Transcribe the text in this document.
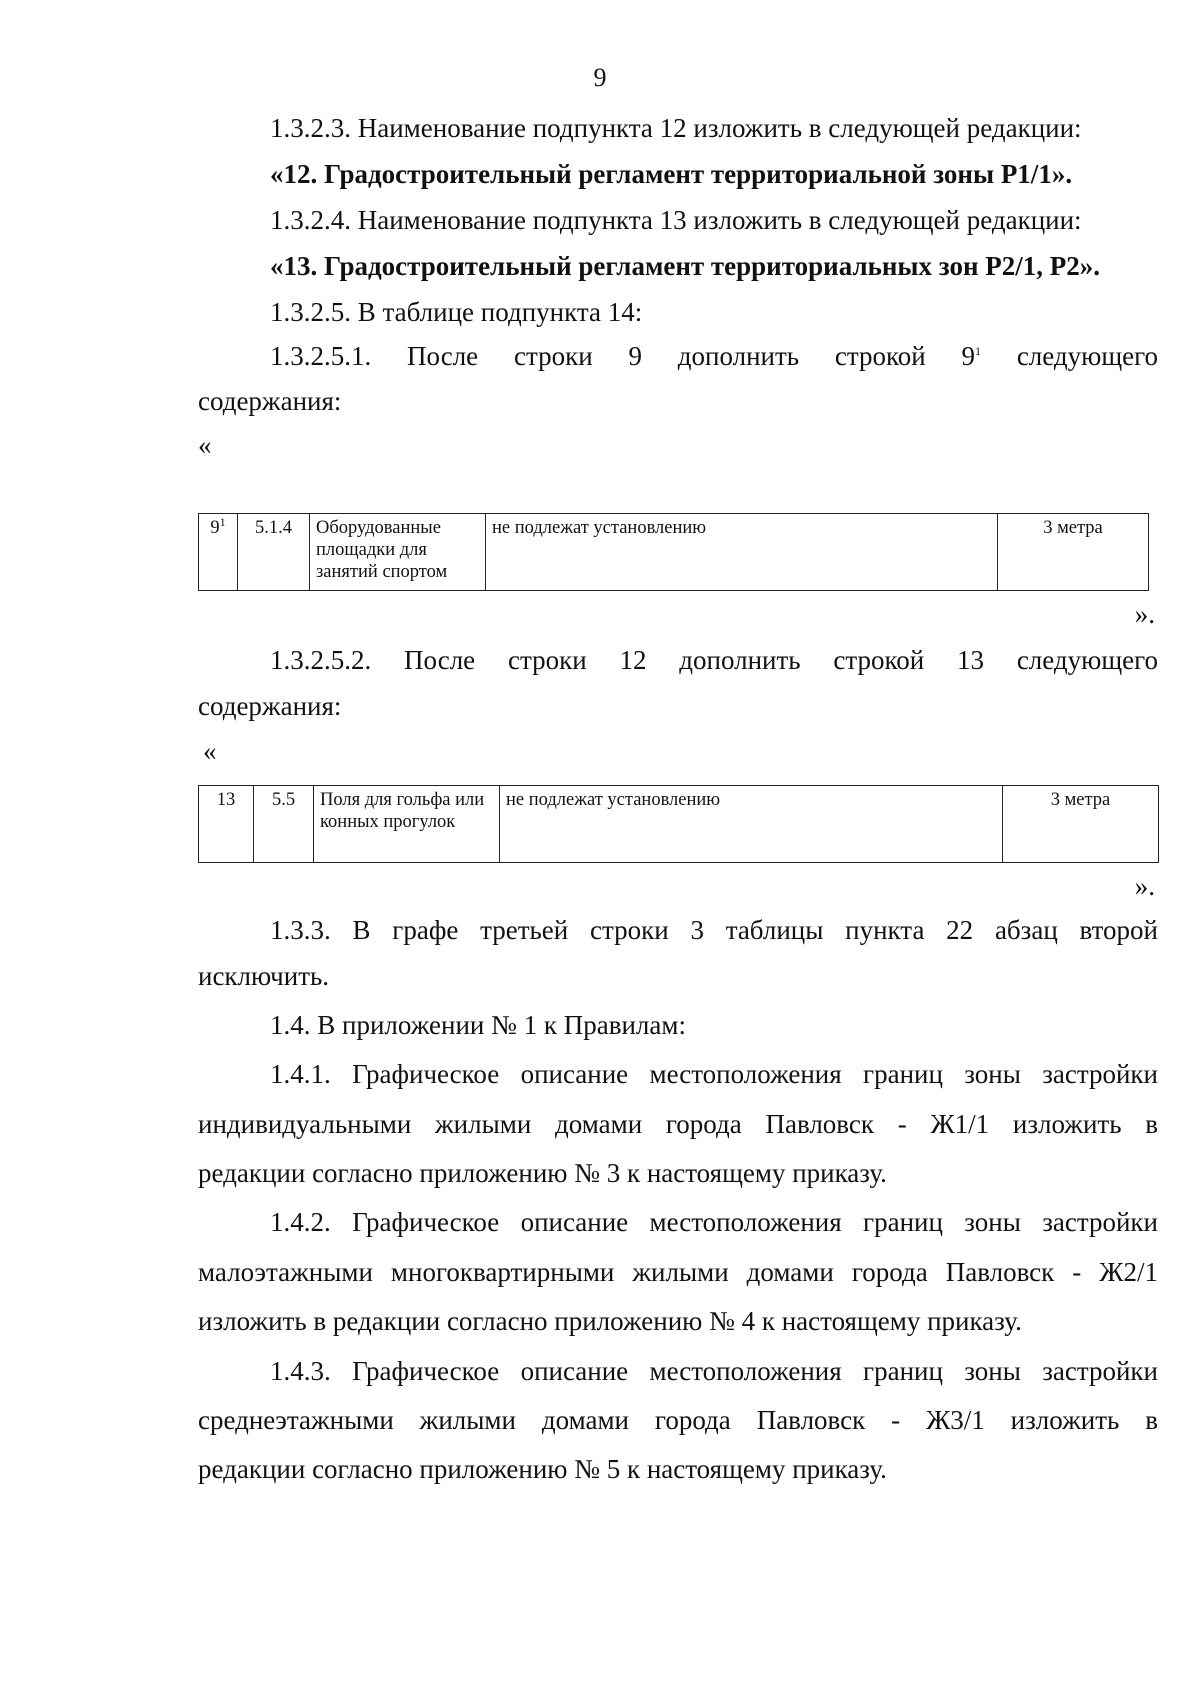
9

1.3.2.3. Наименование подпункта 12 изложить в следующей редакции:

«12. Градостроительный регламент территориальной зоны Р1/1».

1.3.2.4. Наименование подпункта 13 изложить в следующей редакции:

«13. Градостроительный регламент территориальных зон Р2/1, Р2».

1.3.2.5. В таблице подпункта 14:

1.3.2.5.1. После строки 9 дополнить строкой $9^1$ следующего

содержания:

«

$9^1$	5.1.4	Оборудованные площадки для занятий спортом	не подлежат установлению	3 метра

».

1.3.2.5.2. После строки 12 дополнить строкой 13 следующего

содержания:

«

13	5.5	Поля для гольфа или конных прогулок	не подлежат установлению	3 метра

».

1.3.3. В графе третьей строки 3 таблицы пункта 22 абзац второй

исключить.

1.4. В приложении № 1 к Правилам:

1.4.1. Графическое описание местоположения границ зоны застройки

индивидуальными жилыми домами города Павловск - Ж1/1 изложить в

редакции согласно приложению № 3 к настоящему приказу.

1.4.2. Графическое описание местоположения границ зоны застройки

малоэтажными многоквартирными жилыми домами города Павловск - Ж2/1

изложить в редакции согласно приложению № 4 к настоящему приказу.

1.4.3. Графическое описание местоположения границ зоны застройки

среднеэтажными жилыми домами города Павловск - Ж3/1 изложить в

редакции согласно приложению № 5 к настоящему приказу.
